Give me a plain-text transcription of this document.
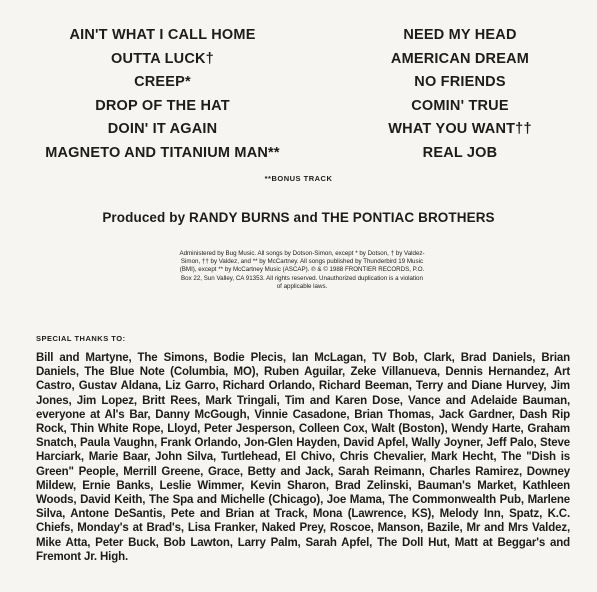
AIN'T WHAT I CALL HOME
OUTTA LUCK†
CREEP*
DROP OF THE HAT
DOIN' IT AGAIN
MAGNETO AND TITANIUM MAN**
NEED MY HEAD
AMERICAN DREAM
NO FRIENDS
COMIN' TRUE
WHAT YOU WANT††
REAL JOB
**BONUS TRACK
Produced by RANDY BURNS and THE PONTIAC BROTHERS
Administered by Bug Music. All songs by Dotson-Simon, except * by Dotson, † by Valdez-Simon, †† by Valdez, and ** by McCartney. All songs published by Thunderbird 19 Music (BMI), except ** by McCartney Music (ASCAP). ℗ & © 1988 FRONTIER RECORDS, P.O. Box 22, Sun Valley, CA 91353. All rights reserved. Unauthorized duplication is a violation of applicable laws.
SPECIAL THANKS TO:
Bill and Martyne, The Simons, Bodie Plecis, Ian McLagan, TV Bob, Clark, Brad Daniels, Brian Daniels, The Blue Note (Columbia, MO), Ruben Aguilar, Zeke Villanueva, Dennis Hernandez, Art Castro, Gustav Aldana, Liz Garro, Richard Orlando, Richard Beeman, Terry and Diane Hurvey, Jim Jones, Jim Lopez, Britt Rees, Mark Tringali, Tim and Karen Dose, Vance and Adelaide Bauman, everyone at Al's Bar, Danny McGough, Vinnie Casadone, Brian Thomas, Jack Gardner, Dash Rip Rock, Thin White Rope, Lloyd, Peter Jesperson, Colleen Cox, Walt (Boston), Wendy Harte, Graham Snatch, Paula Vaughn, Frank Orlando, Jon-Glen Hayden, David Apfel, Wally Joyner, Jeff Palo, Steve Harciark, Marie Baar, John Silva, Turtlehead, El Chivo, Chris Chevalier, Mark Hecht, The "Dish is Green" People, Merrill Greene, Grace, Betty and Jack, Sarah Reimann, Charles Ramirez, Downey Mildew, Ernie Banks, Leslie Wimmer, Kevin Sharon, Brad Zelinski, Bauman's Market, Kathleen Woods, David Keith, The Spa and Michelle (Chicago), Joe Mama, The Commonwealth Pub, Marlene Silva, Antone DeSantis, Pete and Brian at Track, Mona (Lawrence, KS), Melody Inn, Spatz, K.C. Chiefs, Monday's at Brad's, Lisa Franker, Naked Prey, Roscoe, Manson, Bazile, Mr and Mrs Valdez, Mike Atta, Peter Buck, Bob Lawton, Larry Palm, Sarah Apfel, The Doll Hut, Matt at Beggar's and Fremont Jr. High.
